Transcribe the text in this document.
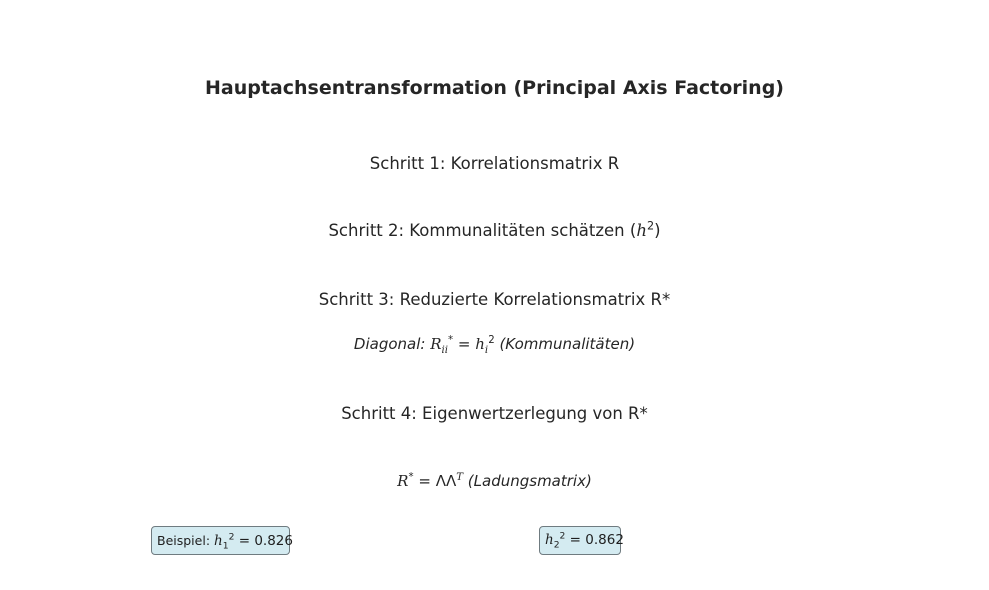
Hauptachsentransformation (Principal Axis Factoring)
Schritt 1: Korrelationsmatrix R
Schritt 2: Kommunalitäten schätzen $(h^2)$
Schritt 3: Reduzierte Korrelationsmatrix R*
Diagonal: $R_{ii}^* = h_i^2$ (Kommunalitäten)
Schritt 4: Eigenwertzerlegung von R*
$R^* = \Lambda\Lambda^T$ (Ladungsmatrix)
Beispiel: $h_1^2 = 0.826$	$h_2^2 = 0.862$
